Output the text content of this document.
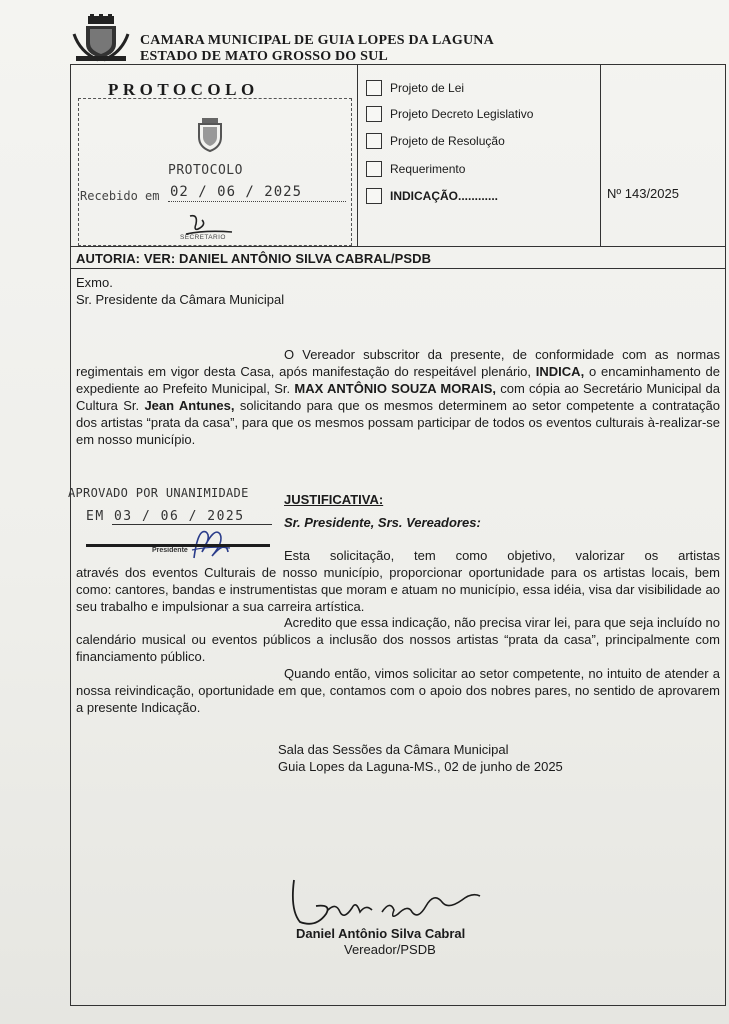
CAMARA MUNICIPAL DE GUIA LOPES DA LAGUNA
ESTADO DE MATO GROSSO DO SUL
PROTOCOLO
PROTOCOLO
Recebido em 02 / 06 / 2025
SECRETARIO
Projeto de Lei
Projeto Decreto Legislativo
Projeto de Resolução
Requerimento
INDICAÇÃO............	Nº 143/2025
AUTORIA: VER: DANIEL ANTÔNIO SILVA CABRAL/PSDB
Exmo.
Sr. Presidente da Câmara Municipal
O Vereador subscritor da presente, de conformidade com as normas regimentais em vigor desta Casa, após manifestação do respeitável plenário, INDICA, o encaminhamento de expediente ao Prefeito Municipal, Sr. MAX ANTÔNIO SOUZA MORAIS, com cópia ao Secretário Municipal da Cultura Sr. Jean Antunes, solicitando para que os mesmos determinem ao setor competente a contratação dos artistas “prata da casa”, para que os mesmos possam participar de todos os eventos culturais à-realizar-se em nosso município.
APROVADO POR UNANIMIDADE
EM 03 / 06 / 2025
Presidente
JUSTIFICATIVA:
Sr. Presidente, Srs. Vereadores:
Esta solicitação, tem como objetivo, valorizar os artistas
através dos eventos Culturais de nosso município, proporcionar oportunidade para os artistas locais, bem como: cantores, bandas e instrumentistas que moram e atuam no município, essa idéia, visa dar visibilidade ao seu trabalho e impulsionar a sua carreira artística.
Acredito que essa indicação, não precisa virar lei, para que seja incluído no calendário musical ou eventos públicos a inclusão dos nossos artistas “prata da casa”, principalmente com financiamento público.
Quando então, vimos solicitar ao setor competente, no intuito de atender a nossa reivindicação, oportunidade em que, contamos com o apoio dos nobres pares, no sentido de aprovarem a presente Indicação.
Sala das Sessões da Câmara Municipal
Guia Lopes da Laguna-MS., 02 de junho de 2025
Daniel Antônio Silva Cabral
Vereador/PSDB
